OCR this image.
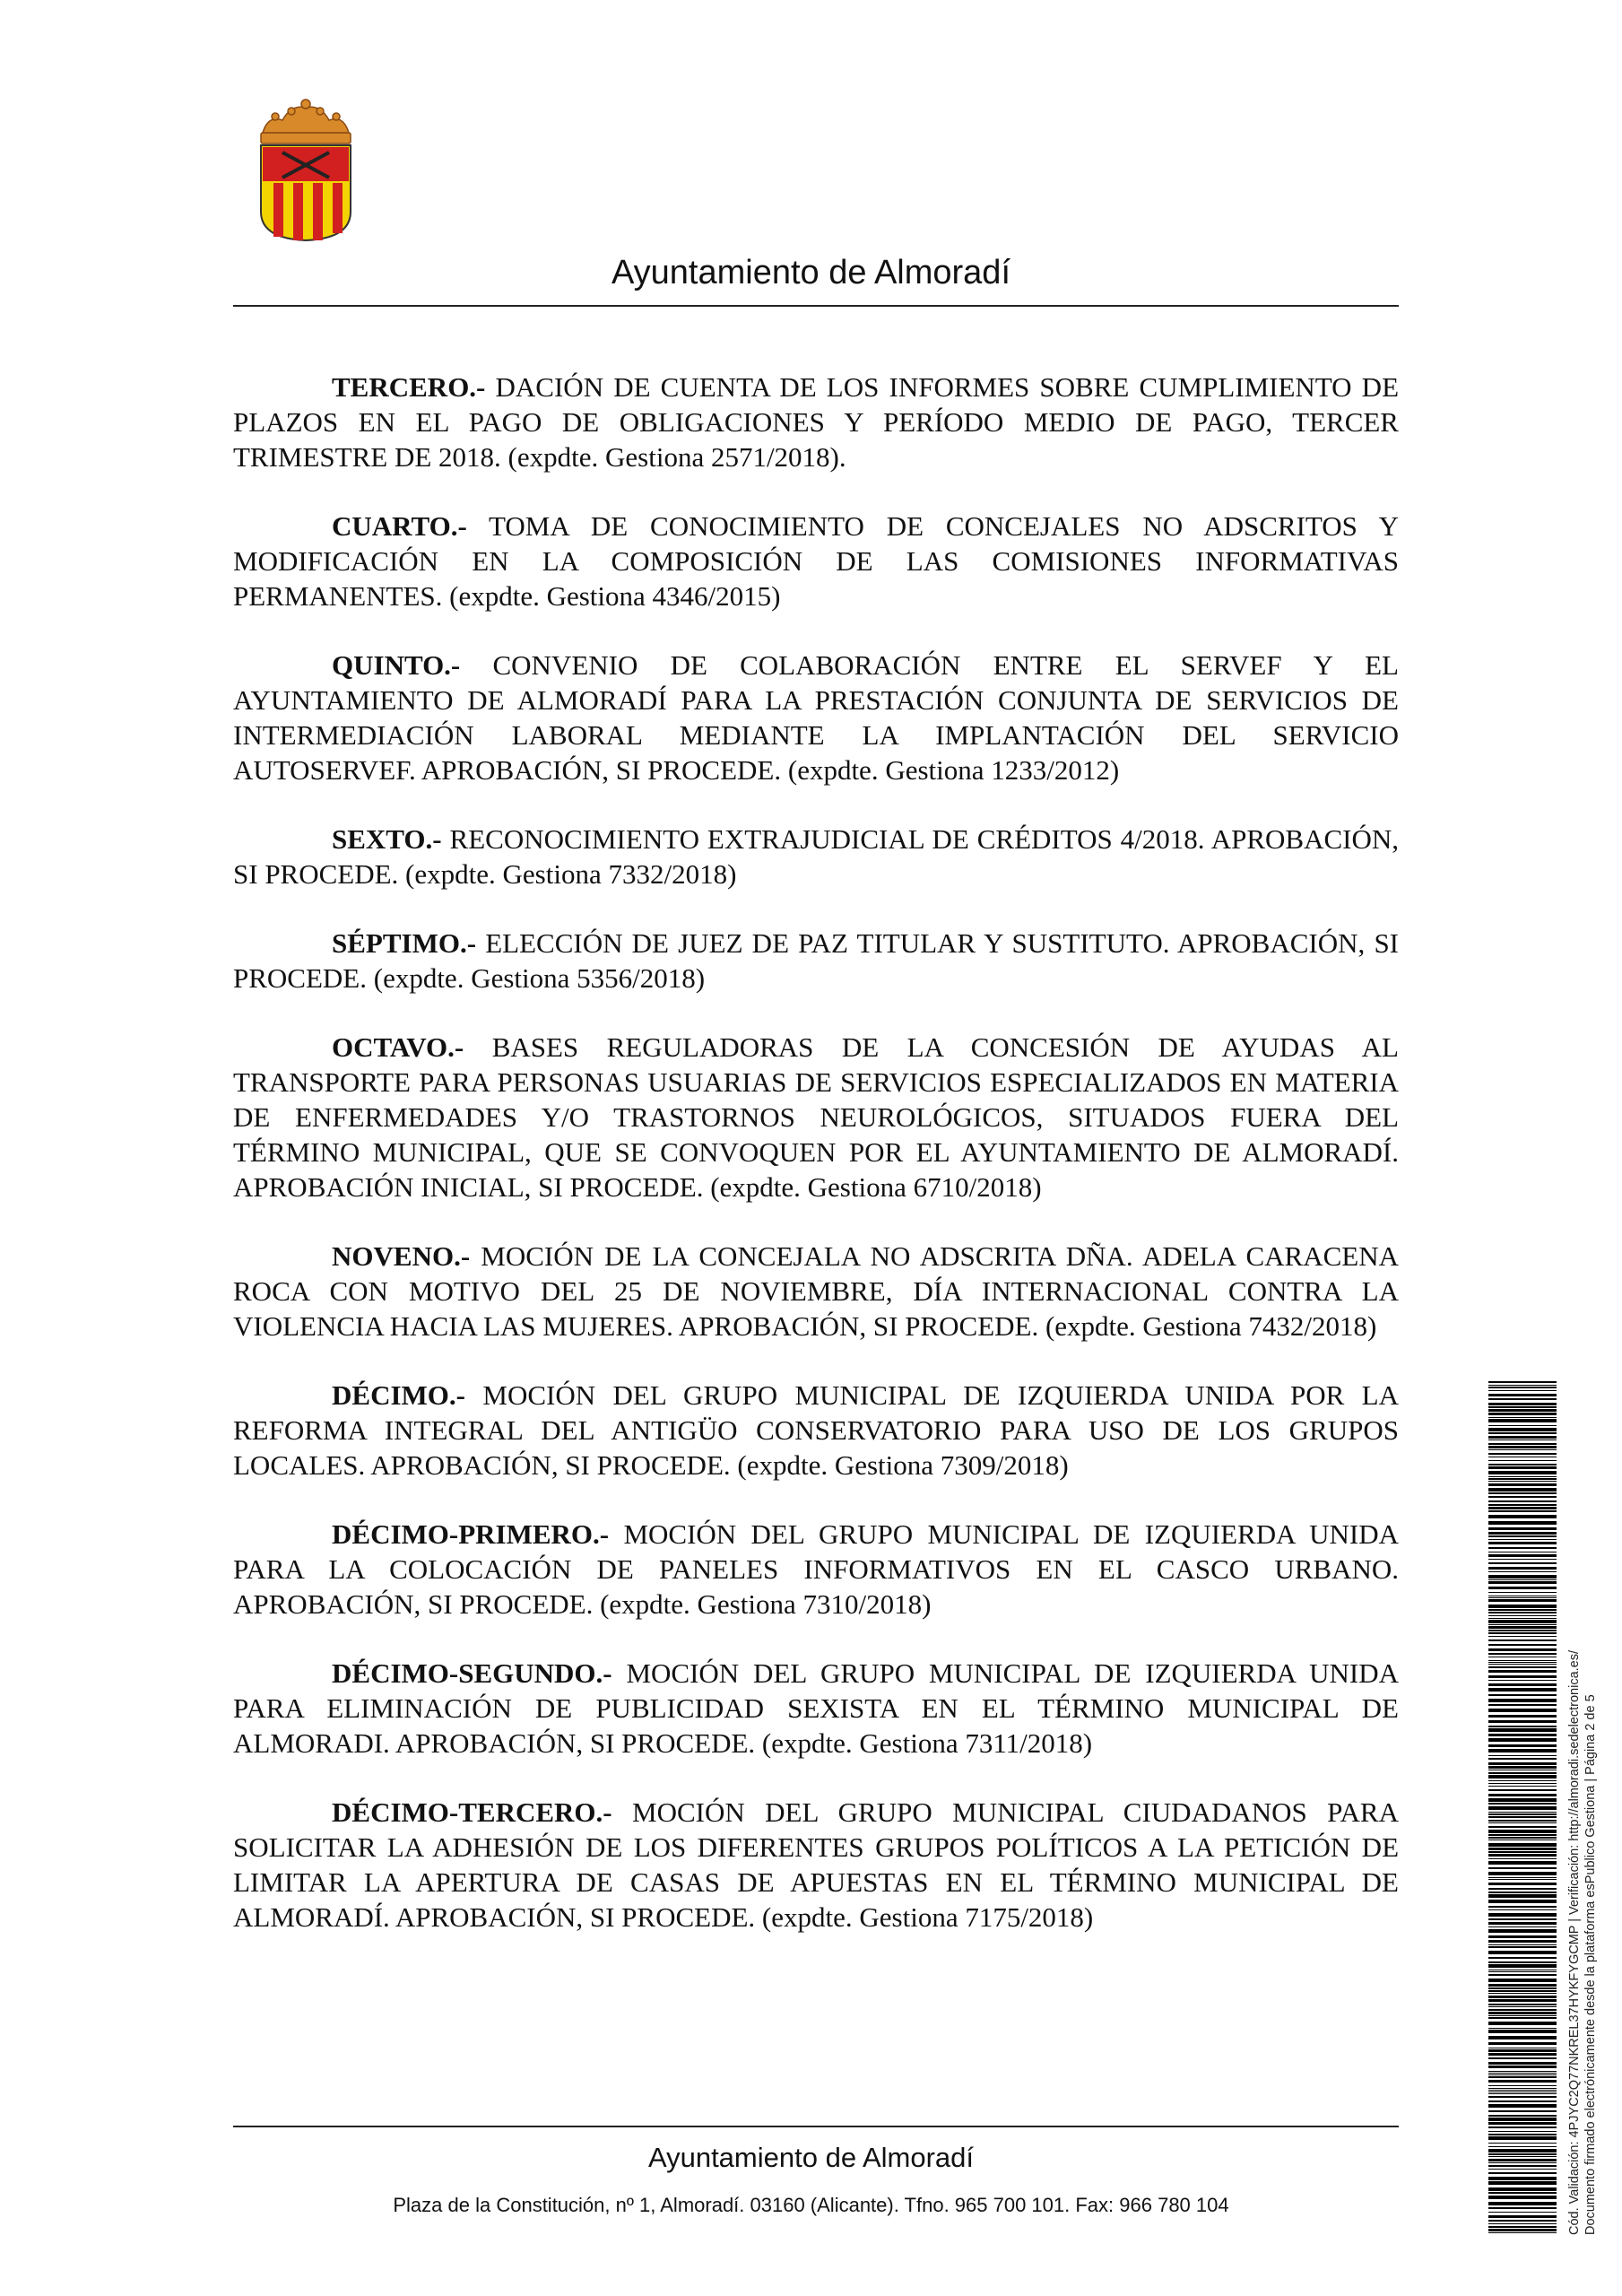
Ayuntamiento de Almoradí

TERCERO.- DACIÓN DE CUENTA DE LOS INFORMES SOBRE CUMPLIMIENTO DE PLAZOS EN EL PAGO DE OBLIGACIONES Y PERÍODO MEDIO DE PAGO, TERCER TRIMESTRE DE 2018. (expdte. Gestiona 2571/2018).

CUARTO.- TOMA DE CONOCIMIENTO DE CONCEJALES NO ADSCRITOS Y MODIFICACIÓN EN LA COMPOSICIÓN DE LAS COMISIONES INFORMATIVAS PERMANENTES. (expdte. Gestiona 4346/2015)

QUINTO.- CONVENIO DE COLABORACIÓN ENTRE EL SERVEF Y EL AYUNTAMIENTO DE ALMORADÍ PARA LA PRESTACIÓN CONJUNTA DE SERVICIOS DE INTERMEDIACIÓN LABORAL MEDIANTE LA IMPLANTACIÓN DEL SERVICIO AUTOSERVEF. APROBACIÓN, SI PROCEDE. (expdte. Gestiona 1233/2012)

SEXTO.- RECONOCIMIENTO EXTRAJUDICIAL DE CRÉDITOS 4/2018. APROBACIÓN, SI PROCEDE. (expdte. Gestiona 7332/2018)

SÉPTIMO.- ELECCIÓN DE JUEZ DE PAZ TITULAR Y SUSTITUTO. APROBACIÓN, SI PROCEDE. (expdte. Gestiona 5356/2018)

OCTAVO.- BASES REGULADORAS DE LA CONCESIÓN DE AYUDAS AL TRANSPORTE PARA PERSONAS USUARIAS DE SERVICIOS ESPECIALIZADOS EN MATERIA DE ENFERMEDADES Y/O TRASTORNOS NEUROLÓGICOS, SITUADOS FUERA DEL TÉRMINO MUNICIPAL, QUE SE CONVOQUEN POR EL AYUNTAMIENTO DE ALMORADÍ. APROBACIÓN INICIAL, SI PROCEDE. (expdte. Gestiona 6710/2018)

NOVENO.- MOCIÓN DE LA CONCEJALA NO ADSCRITA DÑA. ADELA CARACENA ROCA CON MOTIVO DEL 25 DE NOVIEMBRE, DÍA INTERNACIONAL CONTRA LA VIOLENCIA HACIA LAS MUJERES. APROBACIÓN, SI PROCEDE. (expdte. Gestiona 7432/2018)

DÉCIMO.- MOCIÓN DEL GRUPO MUNICIPAL DE IZQUIERDA UNIDA POR LA REFORMA INTEGRAL DEL ANTIGÜO CONSERVATORIO PARA USO DE LOS GRUPOS LOCALES. APROBACIÓN, SI PROCEDE. (expdte. Gestiona 7309/2018)

DÉCIMO-PRIMERO.- MOCIÓN DEL GRUPO MUNICIPAL DE IZQUIERDA UNIDA PARA LA COLOCACIÓN DE PANELES INFORMATIVOS EN EL CASCO URBANO. APROBACIÓN, SI PROCEDE. (expdte. Gestiona 7310/2018)

DÉCIMO-SEGUNDO.- MOCIÓN DEL GRUPO MUNICIPAL DE IZQUIERDA UNIDA PARA ELIMINACIÓN DE PUBLICIDAD SEXISTA EN EL TÉRMINO MUNICIPAL DE ALMORADI. APROBACIÓN, SI PROCEDE. (expdte. Gestiona 7311/2018)

DÉCIMO-TERCERO.- MOCIÓN DEL GRUPO MUNICIPAL CIUDADANOS PARA SOLICITAR LA ADHESIÓN DE LOS DIFERENTES GRUPOS POLÍTICOS A LA PETICIÓN DE LIMITAR LA APERTURA DE CASAS DE APUESTAS EN EL TÉRMINO MUNICIPAL DE ALMORADÍ. APROBACIÓN, SI PROCEDE. (expdte. Gestiona 7175/2018)

Ayuntamiento de Almoradí
Plaza de la Constitución, nº 1, Almoradí. 03160 (Alicante). Tfno. 965 700 101. Fax: 966 780 104	Cód. Validación: 4PJYC2Q77NKREL37HYKFYGCMP | Verificación: http://almoradi.sedelectronica.es/ Documento firmado electrónicamente desde la plataforma esPublico Gestiona | Página 2 de 5
